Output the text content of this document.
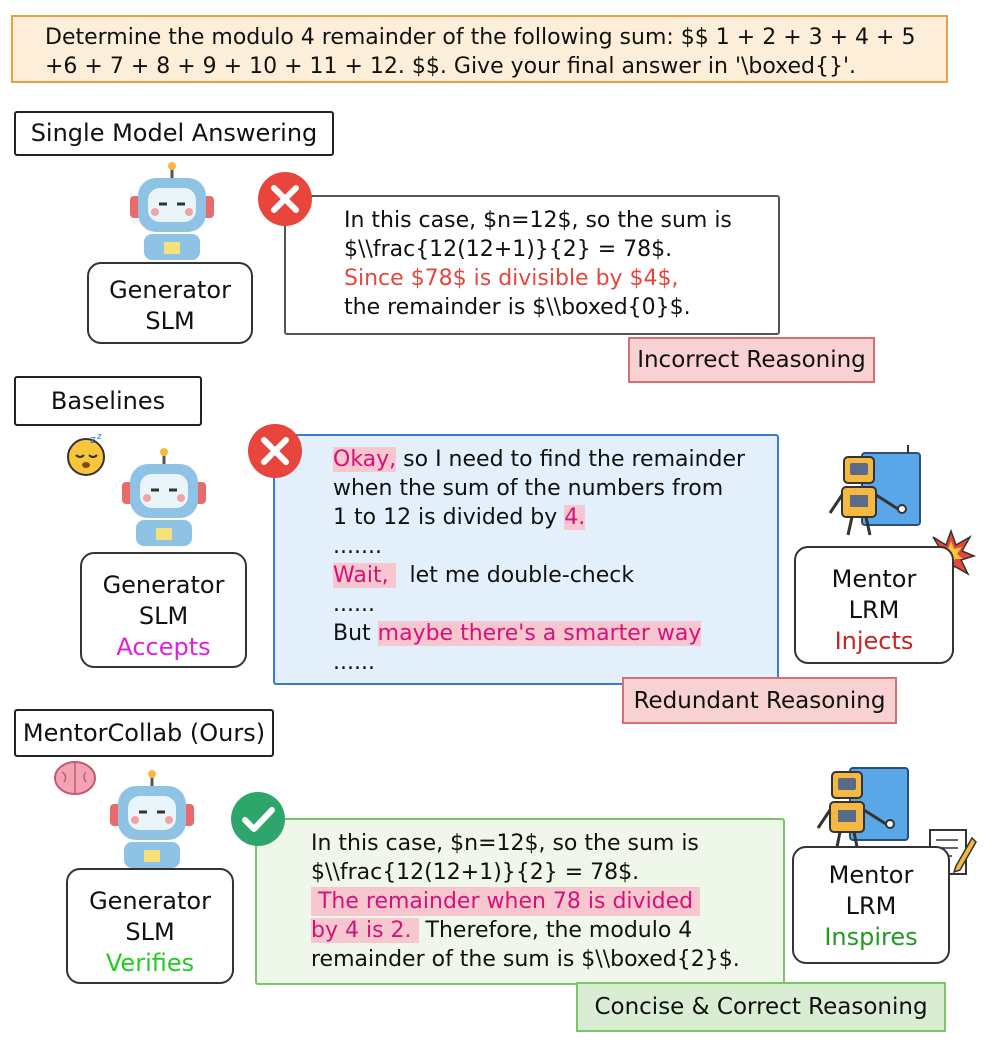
Determine the modulo 4 remainder of the following sum: $$ 1 + 2 + 3 + 4 + 5
+6 + 7 + 8 + 9 + 10 + 11 + 12. $$. Give your final answer in '\boxed{}'.
Single Model Answering
Generator
SLM
In this case, $n=12$, so the sum is
$\\frac{12(12+1)}{2} = 78$.
Since $78$ is divisible by $4$,
the remainder is $\\boxed{0}$.
Incorrect Reasoning
Baselines
z z
Generator
SLM
Accepts
Okay, so I need to find the remainder
when the sum of the numbers from
1 to 12 is divided by 4.
.......
Wait,   let me double-check
......
But maybe there's a smarter way
......
Mentor
LRM
Injects
Redundant Reasoning
MentorCollab (Ours)
Generator
SLM
Verifies
In this case, $n=12$, so the sum is
$\\frac{12(12+1)}{2} = 78$.
The remainder when 78 is divided
by 4 is 2.  Therefore, the modulo 4
remainder of the sum is $\\boxed{2}$.
Mentor
LRM
Inspires
Concise & Correct Reasoning
